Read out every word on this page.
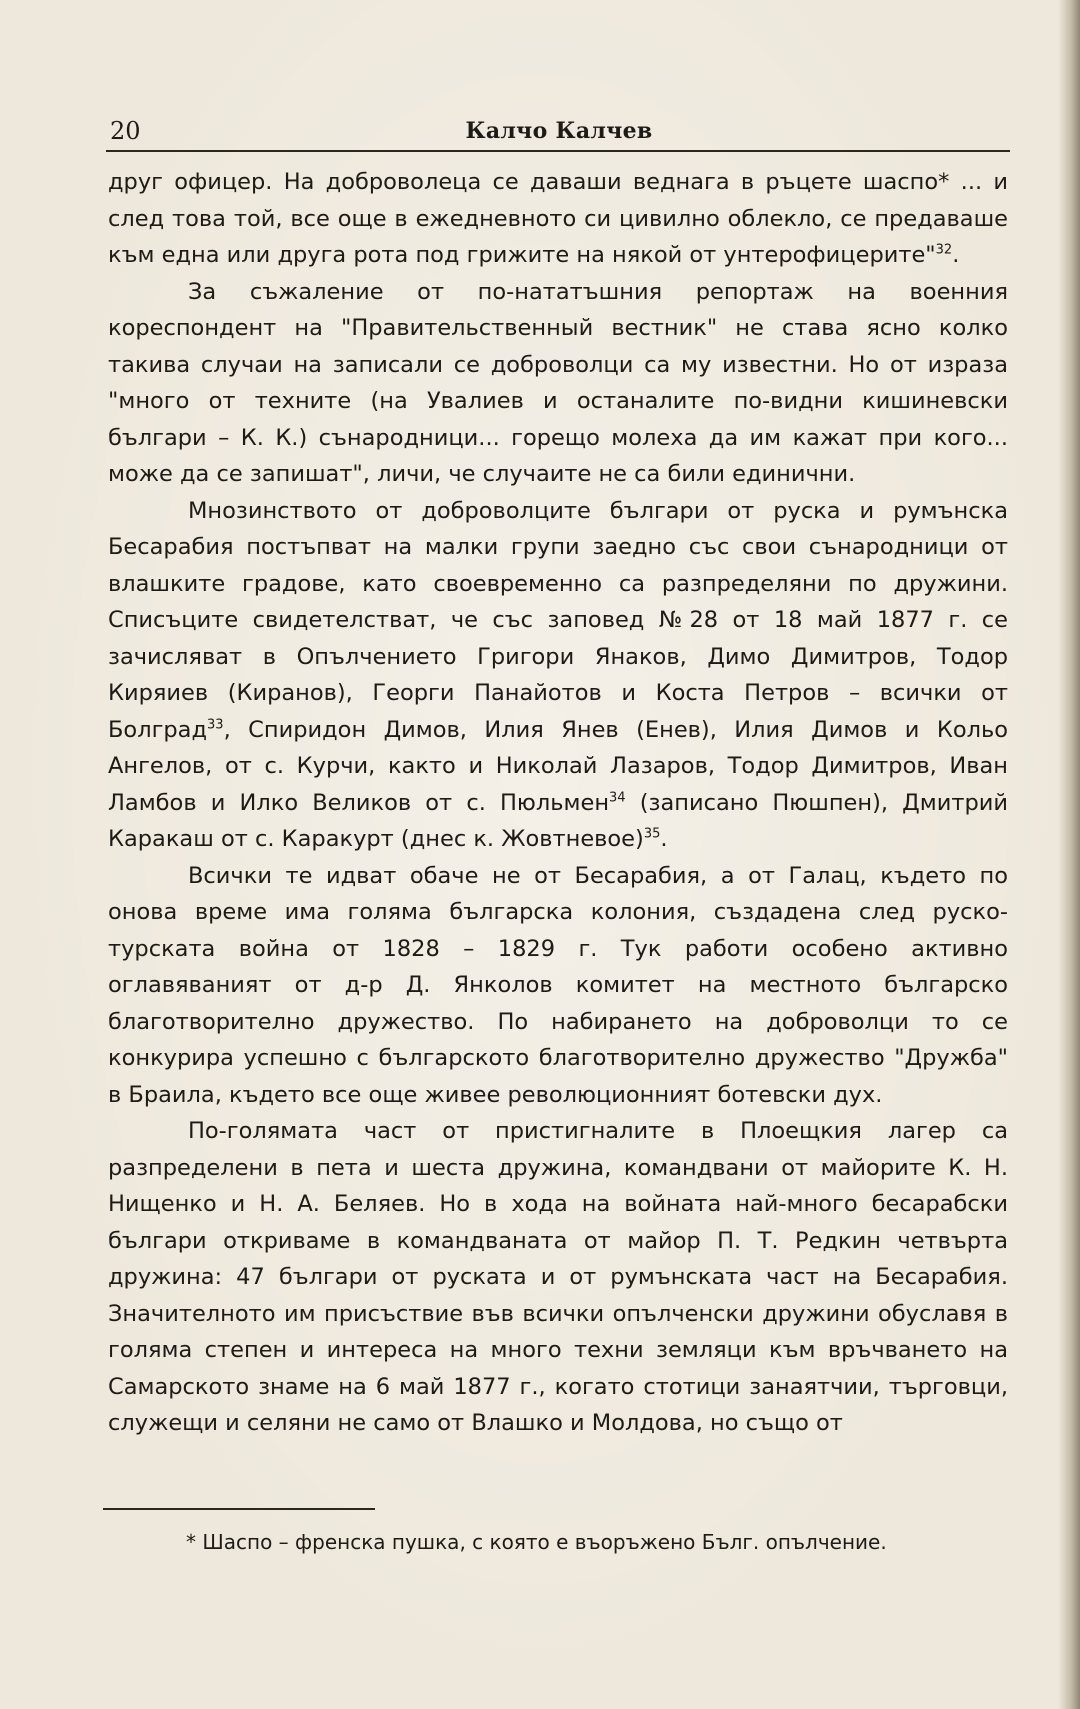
20	Калчо Калчев

друг офицер. На доброволеца се даваши веднага в ръцете шаспо* ... и след това той, все още в ежедневното си цивилно облекло, се предаваше към една или друга рота под грижите на някой от унтерофицерите"$^{32}$.

За съжаление от по-нататъшния репортаж на военния кореспондент на "Правительственный вестник" не става ясно колко такива случаи на записали се доброволци са му известни. Но от израза "много от техните (на Увалиев и останалите по-видни кишиневски българи – К. К.) сънародници... горещо молеха да им кажат при кого... може да се запишат", личи, че случаите не са били единични.

Мнозинството от доброволците българи от руска и румънска Бесарабия постъпват на малки групи заедно със свои сънародници от влашките градове, като своевременно са разпределяни по дружини. Списъците свидетелстват, че със заповед №28 от 18 май 1877 г. се зачисляват в Опълчението Григори Янаков, Димо Димитров, Тодор Киряиев (Киранов), Георги Панайотов и Коста Петров – всички от Болград$^{33}$, Спиридон Димов, Илия Янев (Енев), Илия Димов и Кольо Ангелов, от с. Курчи, както и Николай Лазаров, Тодор Димитров, Иван Ламбов и Илко Великов от с. Пюльмен$^{34}$ (записано Пюшпен), Дмитрий Каракаш от с. Каракурт (днес к. Жовтневое)$^{35}$.

Всички те идват обаче не от Бесарабия, а от Галац, където по онова време има голяма българска колония, създадена след руско-турската война от 1828 – 1829 г. Тук работи особено активно оглавяваният от д-р Д. Янколов комитет на местното българско благотворително дружество. По набирането на доброволци то се конкурира успешно с българското благотворително дружество "Дружба" в Браила, където все още живее революционният ботевски дух.

По-голямата част от пристигналите в Плоещкия лагер са разпределени в пета и шеста дружина, командвани от майорите К. Н. Нищенко и Н. А. Беляев. Но в хода на войната най-много бесарабски българи откриваме в командваната от майор П. Т. Редкин четвърта дружина: 47 българи от руската и от румънската част на Бесарабия. Значителното им присъствие във всички опълченски дружини обуславя в голяма степен и интереса на много техни земляци към връчването на Самарското знаме на 6 май 1877 г., когато стотици занаятчии, търговци, служещи и селяни не само от Влашко и Молдова, но също от

* Шаспо – френска пушка, с която е въоръжено Бълг. опълчение.
